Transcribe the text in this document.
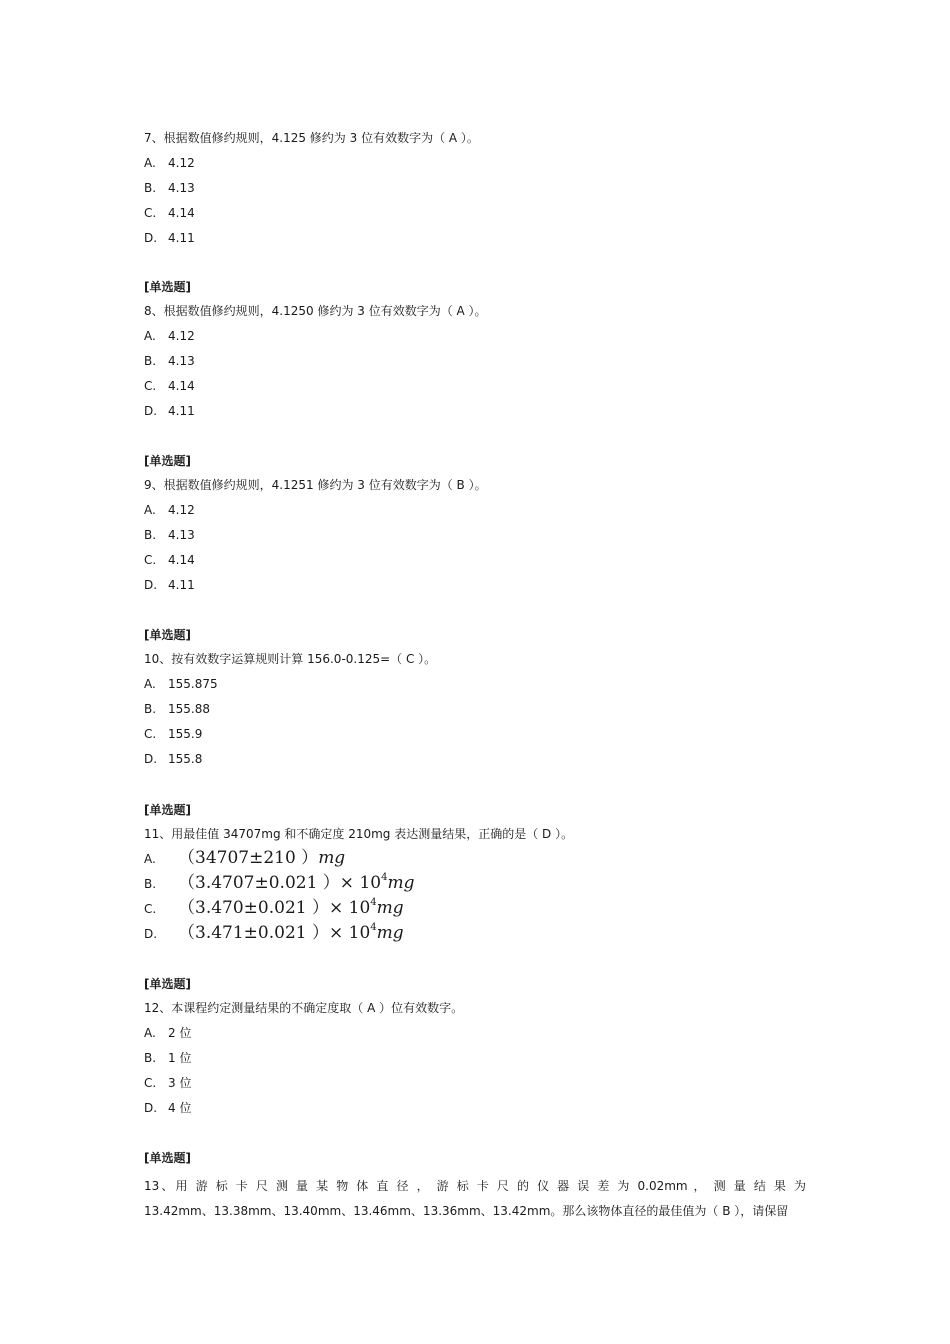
7、根据数值修约规则，4.125 修约为 3 位有效数字为（ A ）。
A.	4.12
B. 4.13
C. 4.14
D. 4.11
[单选题]
8、根据数值修约规则，4.1250 修约为 3 位有效数字为（ A ）。
A.	4.12
B. 4.13
C. 4.14
D. 4.11
[单选题]
9、根据数值修约规则，4.1251 修约为 3 位有效数字为（ B ）。
A.	4.12
B. 4.13
C. 4.14
D. 4.11
[单选题]
10、按有效数字运算规则计算 156.0-0.125=（ C ）。
A.	155.875
B. 155.88
C. 155.9
D. 155.8
[单选题]
11、用最佳值 34707mg 和不确定度 210mg 表达测量结果，正确的是（ D ）。
A.	（34707±210 ）mg
B.	（3.4707±0.021 ）× $10^4mg$
C.	（3.470±0.021 ）× $10^4mg$
D.	（3.471±0.021 ）× $10^4mg$
[单选题]
12、本课程约定测量结果的不确定度取（ A ）位有效数字。
A.	2 位
B. 1 位
C. 3 位
D. 4 位
[单选题]
13、用 游 标 卡 尺 测 量 某 物 体 直 径 ， 游 标 卡 尺 的 仪 器 误 差 为 0.02mm ， 测 量 结 果 为
13.42mm、13.38mm、13.40mm、13.46mm、13.36mm、13.42mm。那么该物体直径的最佳值为（ B ），请保留
